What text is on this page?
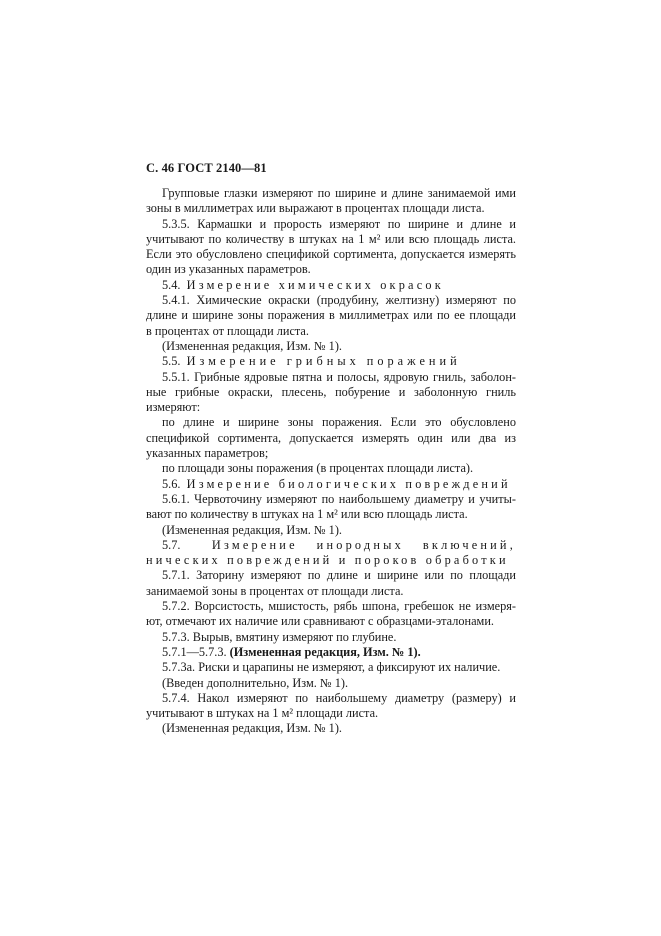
С. 46 ГОСТ 2140—81
Групповые глазки измеряют по ширине и длине занимаемой ими
зоны в миллиметрах или выражают в процентах площади листа.
5.3.5. Кармашки и прорость измеряют по ширине и длине и
учитывают по количеству в штуках на 1 м² или всю площадь листа.
Если это обусловлено спецификой сортимента, допускается измерять
один из указанных параметров.
5.4. Измерение химических окрасок
5.4.1. Химические окраски (продубину, желтизну) измеряют по
длине и ширине зоны поражения в миллиметрах или по ее площади
в процентах от площади листа.
(Измененная редакция, Изм. № 1).
5.5. Измерение грибных поражений
5.5.1. Грибные ядровые пятна и полосы, ядровую гниль, заболон-
ные грибные окраски, плесень, побурение и заболонную гниль
измеряют:
по длине и ширине зоны поражения. Если это обусловлено
спецификой сортимента, допускается измерять один или два из
указанных параметров;
по площади зоны поражения (в процентах площади листа).
5.6. Измерение биологических повреждений
5.6.1. Червоточину измеряют по наибольшему диаметру и учиты-
вают по количеству в штуках на 1 м² или всю площадь листа.
(Измененная редакция, Изм. № 1).
5.7.	Измерение инородных включений,
нических повреждений и пороков обработки
5.7.1. Заторину измеряют по длине и ширине или по площади
занимаемой зоны в процентах от площади листа.
5.7.2. Ворсистость, мшистость, рябь шпона, гребешок не измеря-
ют, отмечают их наличие или сравнивают с образцами-эталонами.
5.7.3. Вырыв, вмятину измеряют по глубине.
5.7.1—5.7.3. (Измененная редакция, Изм. № 1).
5.7.3а. Риски и царапины не измеряют, а фиксируют их наличие.
(Введен дополнительно, Изм. № 1).
5.7.4. Накол измеряют по наибольшему диаметру (размеру) и
учитывают в штуках на 1 м² площади листа.
(Измененная редакция, Изм. № 1).
